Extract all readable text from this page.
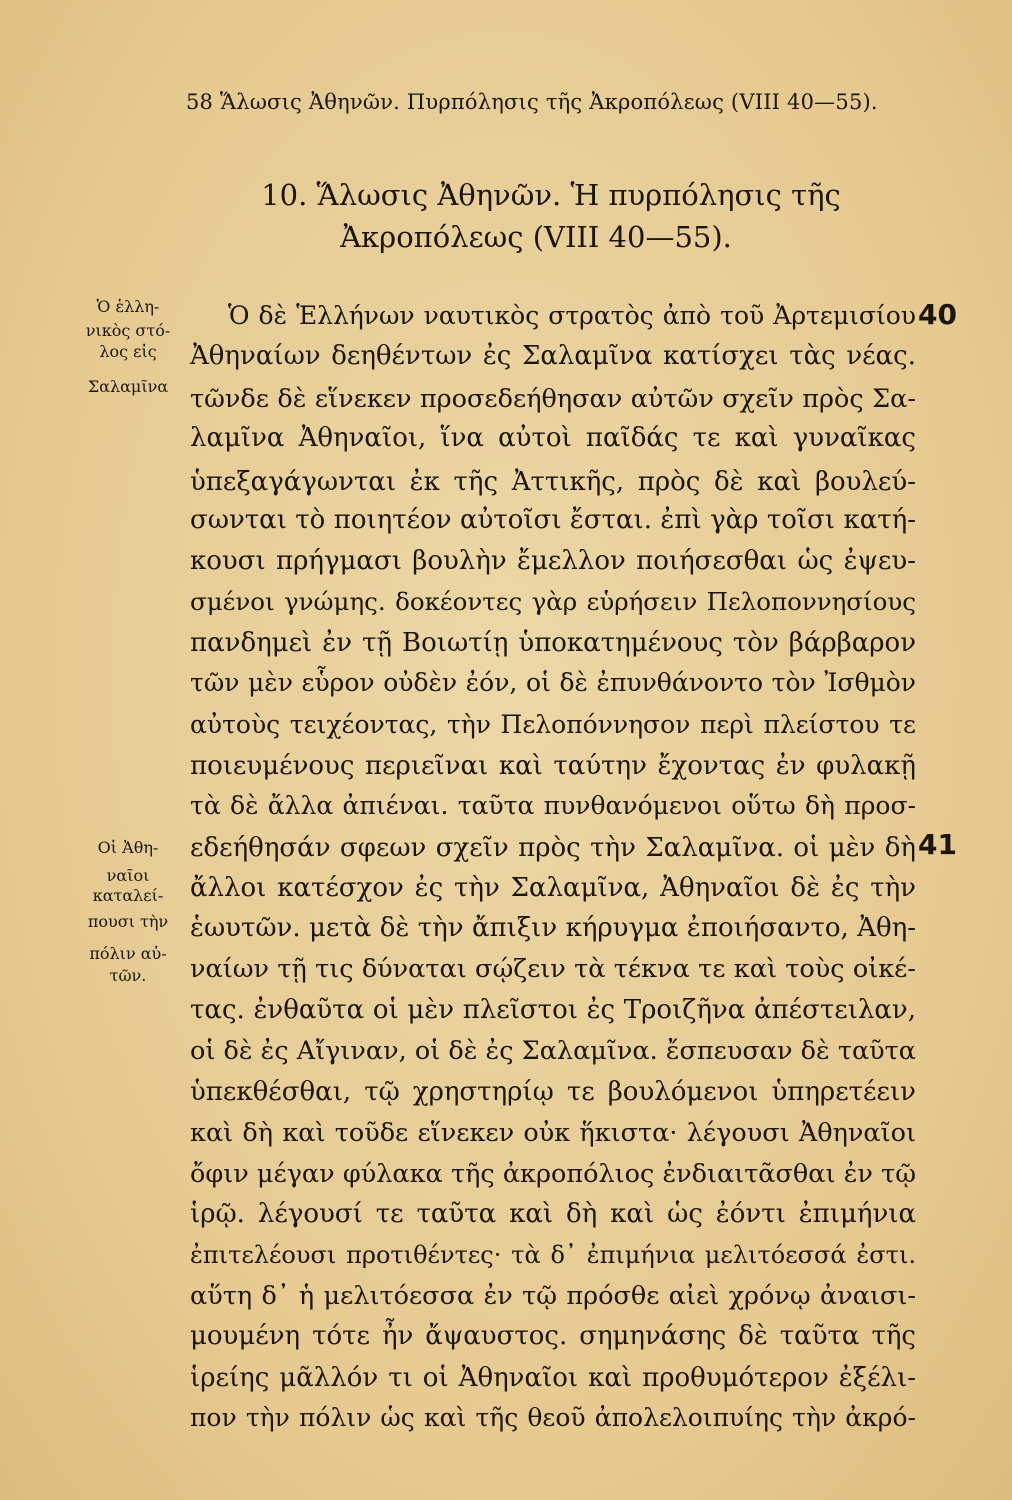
58 Ἅλωσις Ἀθηνῶν. Πυρπόλησις τῆς Ἀκροπόλεως (VIII 40—55).
10. Ἅλωσις Ἀθηνῶν. Ἡ πυρπόλησις τῆς
Ἀκροπόλεως (VIII 40—55).
Ὁ ἑλλη-
νικὸς στό-
λος εἰς
Σαλαμῖνα
Οἱ Ἀθη-
ναῖοι
καταλεί-
πουσι τὴν
πόλιν αὐ-
τῶν.
40
41
Ὁ δὲ Ἑλλήνων ναυτικὸς στρατὸς ἀπὸ τοῦ Ἀρτεμισίου
Ἀθηναίων δεηθέντων ἐς Σαλαμῖνα κατίσχει τὰς νέας.
τῶνδε δὲ εἵνεκεν προσεδεήθησαν αὐτῶν σχεῖν πρὸς Σα-
λαμῖνα Ἀθηναῖοι, ἵνα αὐτοὶ παῖδάς τε καὶ γυναῖκας
ὑπεξαγάγωνται ἐκ τῆς Ἀττικῆς, πρὸς δὲ καὶ βουλεύ-
σωνται τὸ ποιητέον αὐτοῖσι ἔσται. ἐπὶ γὰρ τοῖσι κατή-
κουσι πρήγμασι βουλὴν ἔμελλον ποιήσεσθαι ὡς ἐψευ-
σμένοι γνώμης. δοκέοντες γὰρ εὑρήσειν Πελοποννησίους
πανδημεὶ ἐν τῇ Βοιωτίῃ ὑποκατημένους τὸν βάρβαρον
τῶν μὲν εὗρον οὐδὲν ἐόν, οἱ δὲ ἐπυνθάνοντο τὸν Ἰσθμὸν
αὐτοὺς τειχέοντας, τὴν Πελοπόννησον περὶ πλείστου τε
ποιευμένους περιεῖναι καὶ ταύτην ἔχοντας ἐν φυλακῇ
τὰ δὲ ἄλλα ἀπιέναι. ταῦτα πυνθανόμενοι οὕτω δὴ προσ-
εδεήθησάν σφεων σχεῖν πρὸς τὴν Σαλαμῖνα. οἱ μὲν δὴ
ἄλλοι κατέσχον ἐς τὴν Σαλαμῖνα, Ἀθηναῖοι δὲ ἐς τὴν
ἑωυτῶν. μετὰ δὲ τὴν ἄπιξιν κήρυγμα ἐποιήσαντο, Ἀθη-
ναίων τῇ τις δύναται σῴζειν τὰ τέκνα τε καὶ τοὺς οἰκέ-
τας. ἐνθαῦτα οἱ μὲν πλεῖστοι ἐς Τροιζῆνα ἀπέστειλαν,
οἱ δὲ ἐς Αἴγιναν, οἱ δὲ ἐς Σαλαμῖνα. ἔσπευσαν δὲ ταῦτα
ὑπεκθέσθαι, τῷ χρηστηρίῳ τε βουλόμενοι ὑπηρετέειν
καὶ δὴ καὶ τοῦδε εἵνεκεν οὐκ ἥκιστα· λέγουσι Ἀθηναῖοι
ὄφιν μέγαν φύλακα τῆς ἀκροπόλιος ἐνδιαιτᾶσθαι ἐν τῷ
ἱρῷ. λέγουσί τε ταῦτα καὶ δὴ καὶ ὡς ἐόντι ἐπιμήνια
ἐπιτελέουσι προτιθέντες· τὰ δ᾿ ἐπιμήνια μελιτόεσσά ἐστι.
αὕτη δ᾿ ἡ μελιτόεσσα ἐν τῷ πρόσθε αἰεὶ χρόνῳ ἀναισι-
μουμένη τότε ἦν ἄψαυστος. σημηνάσης δὲ ταῦτα τῆς
ἱρείης μᾶλλόν τι οἱ Ἀθηναῖοι καὶ προθυμότερον ἐξέλι-
πον τὴν πόλιν ὡς καὶ τῆς θεοῦ ἀπολελοιπυίης τὴν ἀκρό-
